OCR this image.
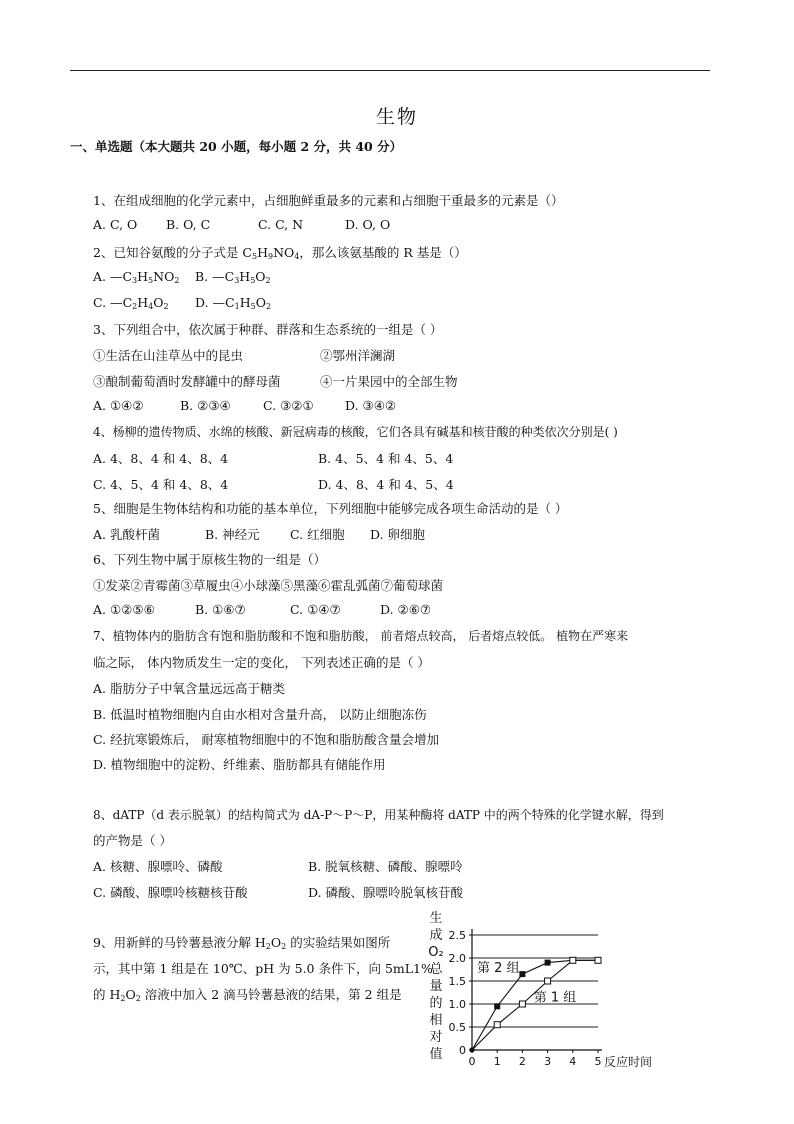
生物
一、单选题（本大题共 20 小题，每小题 2 分，共 40 分）
1、在组成细胞的化学元素中，占细胞鲜重最多的元素和占细胞干重最多的元素是（）
A. C, O B. O, C	C. C, N	D. O, O
2、已知谷氨酸的分子式是 $C_5H_9NO_4$，那么该氨基酸的 R 基是（）
A. $—C_3H_5NO_2$ B. $—C_3H_5O_2$
C. $—C_2H_4O_2$ D. $—C_1H_5O_2$
3、下列组合中，依次属于种群、群落和生态系统的一组是（ ）
①生活在山洼草丛中的昆虫	②鄂州洋澜湖
③酿制葡萄酒时发酵罐中的酵母菌	④一片果园中的全部生物
A. ①④②	B. ②③④	C. ③②①	D. ③④②
4、杨柳的遗传物质、水绵的核酸、新冠病毒的核酸，它们各具有碱基和核苷酸的种类依次分别是( )
A. 4、8、4 和 4、8、4	B. 4、5、4 和 4、5、4
C. 4、5、4 和 4、8、4	D. 4、8、4 和 4、5、4
5、细胞是生物体结构和功能的基本单位，下列细胞中能够完成各项生命活动的是（ ）
A. 乳酸杆菌	B. 神经元 C. 红细胞 D. 卵细胞
6、下列生物中属于原核生物的一组是（）
①发菜②青霉菌③草履虫④小球藻⑤黑藻⑥霍乱弧菌⑦葡萄球菌
A. ①②⑤⑥	B. ①⑥⑦	C. ①④⑦	D. ②⑥⑦
7、植物体内的脂肪含有饱和脂肪酸和不饱和脂肪酸， 前者熔点较高， 后者熔点较低。 植物在严寒来
临之际， 体内物质发生一定的变化， 下列表述正确的是（ ）
A. 脂肪分子中氧含量远远高于糖类
B. 低温时植物细胞内自由水相对含量升高， 以防止细胞冻伤
C. 经抗寒锻炼后， 耐寒植物细胞中的不饱和脂肪酸含量会增加
D. 植物细胞中的淀粉、纤维素、脂肪都具有储能作用
8、dATP（d 表示脱氧）的结构简式为 dA-P～P～P，用某种酶将 dATP 中的两个特殊的化学键水解，得到
的产物是（ ）
A. 核糖、腺嘌呤、磷酸	B. 脱氧核糖、磷酸、腺嘌呤
C. 磷酸、腺嘌呤核糖核苷酸	D. 磷酸、腺嘌呤脱氧核苷酸
9、用新鲜的马铃薯悬液分解 $H_2O_2$ 的实验结果如图所
示，其中第 1 组是在 10℃、pH 为 5.0 条件下，向 5mL1%
的 $H_2O_2$ 溶液中加入 2 滴马铃薯悬液的结果，第 2 组是
生
成
O₂
总
量
的
相
对
值 0
0.5
1.0
1.5
2.0
2.5
0 1 2 3 4 5 反应时间
第 2 组
第 1 组
